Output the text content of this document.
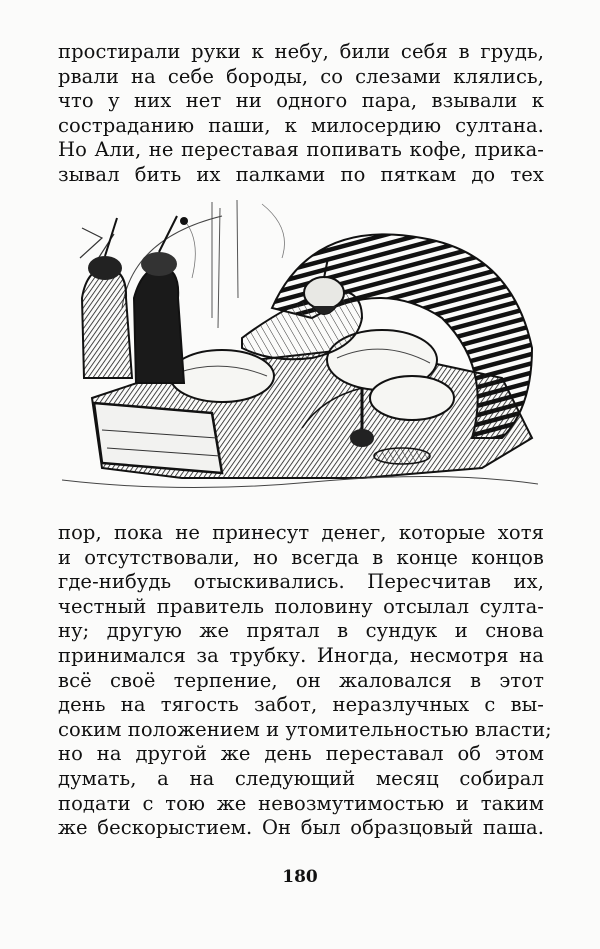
простирали руки к небу, били себя в грудь,
рвали на себе бороды, со слезами клялись,
что у них нет ни одного пара, взывали к
состраданию паши, к милосердию султана.
Но Али, не переставая попивать кофе, прика-
зывал бить их палками по пяткам до тех
пор, пока не принесут денег, которые хотя
и отсутствовали, но всегда в конце концов
где-нибудь отыскивались. Пересчитав их,
честный правитель половину отсылал султа-
ну; другую же прятал в сундук и снова
принимался за трубку. Иногда, несмотря на
всё своё терпение, он жаловался в этот
день на тягость забот, неразлучных с вы-
соким положением и утомительностью власти;
но на другой же день переставал об этом
думать, а на следующий месяц собирал
подати с тою же невозмутимостью и таким
же бескорыстием. Он был образцовый паша.
180
